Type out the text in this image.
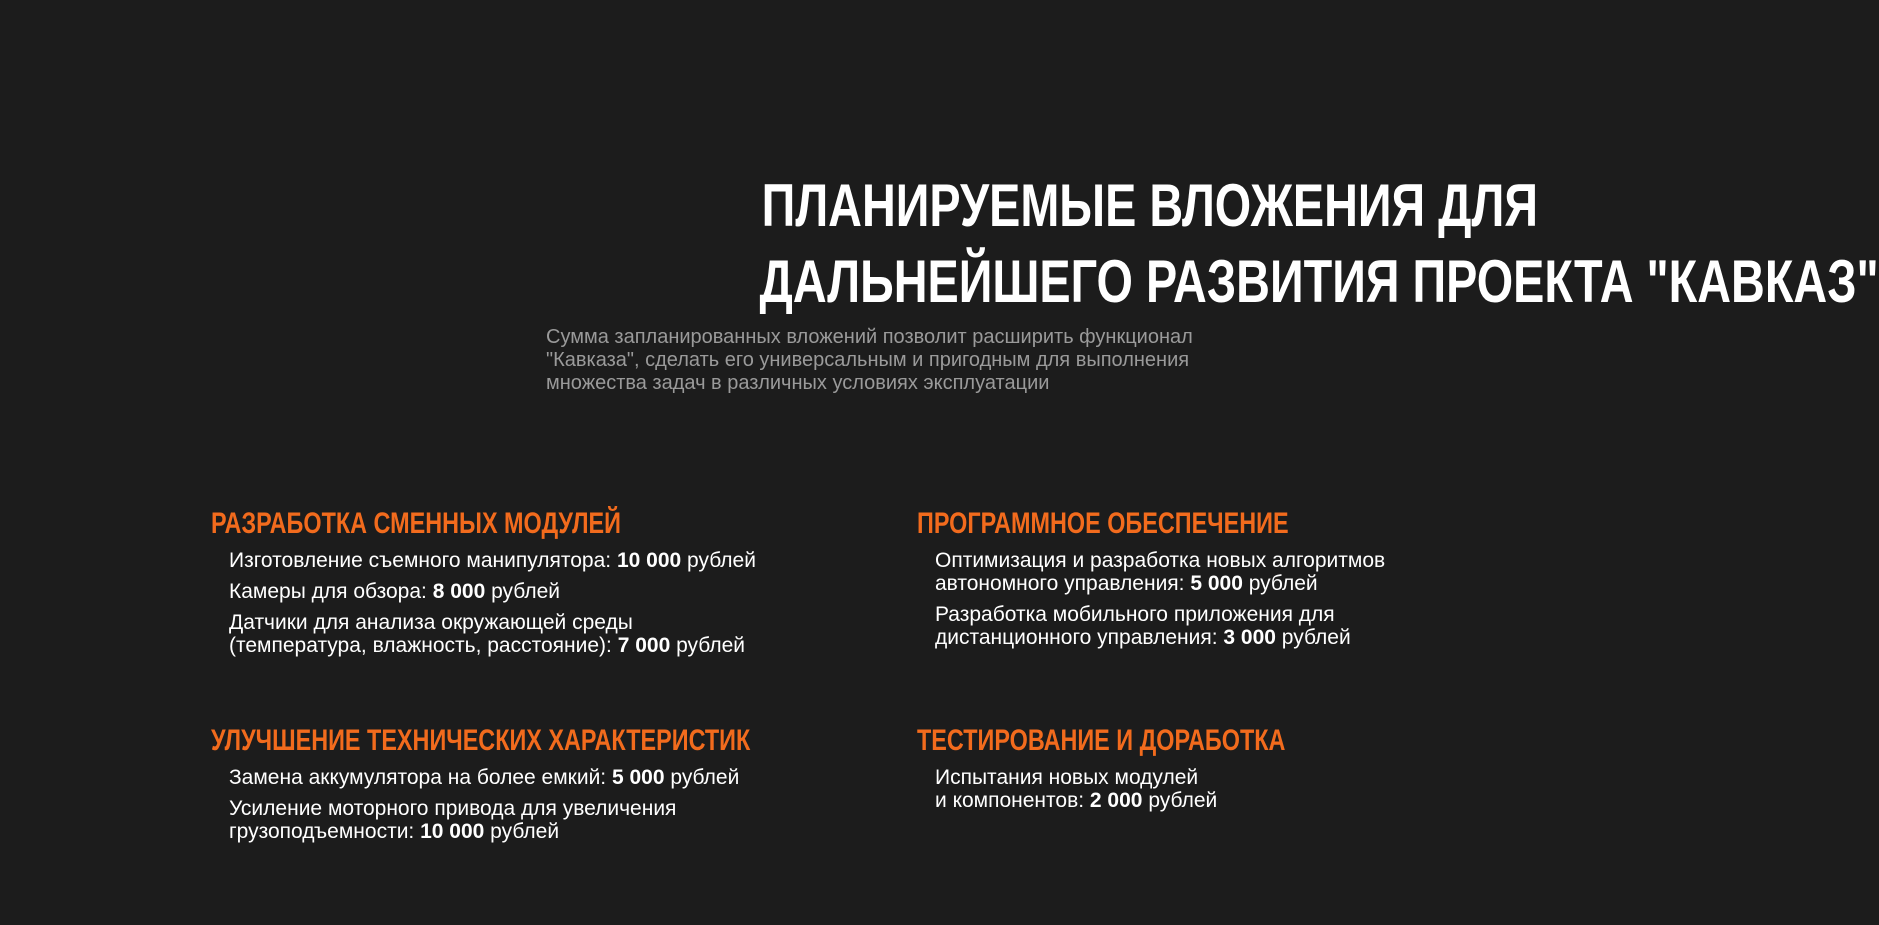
ПЛАНИРУЕМЫЕ ВЛОЖЕНИЯ ДЛЯ
ДАЛЬНЕЙШЕГО РАЗВИТИЯ ПРОЕКТА "КАВКАЗ"

Сумма запланированных вложений позволит расширить функционал
"Кавказа", сделать его универсальным и пригодным для выполнения
множества задач в различных условиях эксплуатации

РАЗРАБОТКА СМЕННЫХ МОДУЛЕЙ
Изготовление съемного манипулятора: 10 000 рублей
Камеры для обзора: 8 000 рублей
Датчики для анализа окружающей среды
(температура, влажность, расстояние): 7 000 рублей
ПРОГРАММНОЕ ОБЕСПЕЧЕНИЕ
Оптимизация и разработка новых алгоритмов
автономного управления: 5 000 рублей
Разработка мобильного приложения для
дистанционного управления: 3 000 рублей
УЛУЧШЕНИЕ ТЕХНИЧЕСКИХ ХАРАКТЕРИСТИК
Замена аккумулятора на более емкий: 5 000 рублей
Усиление моторного привода для увеличения
грузоподъемности: 10 000 рублей
ТЕСТИРОВАНИЕ И ДОРАБОТКА
Испытания новых модулей
и компонентов: 2 000 рублей
